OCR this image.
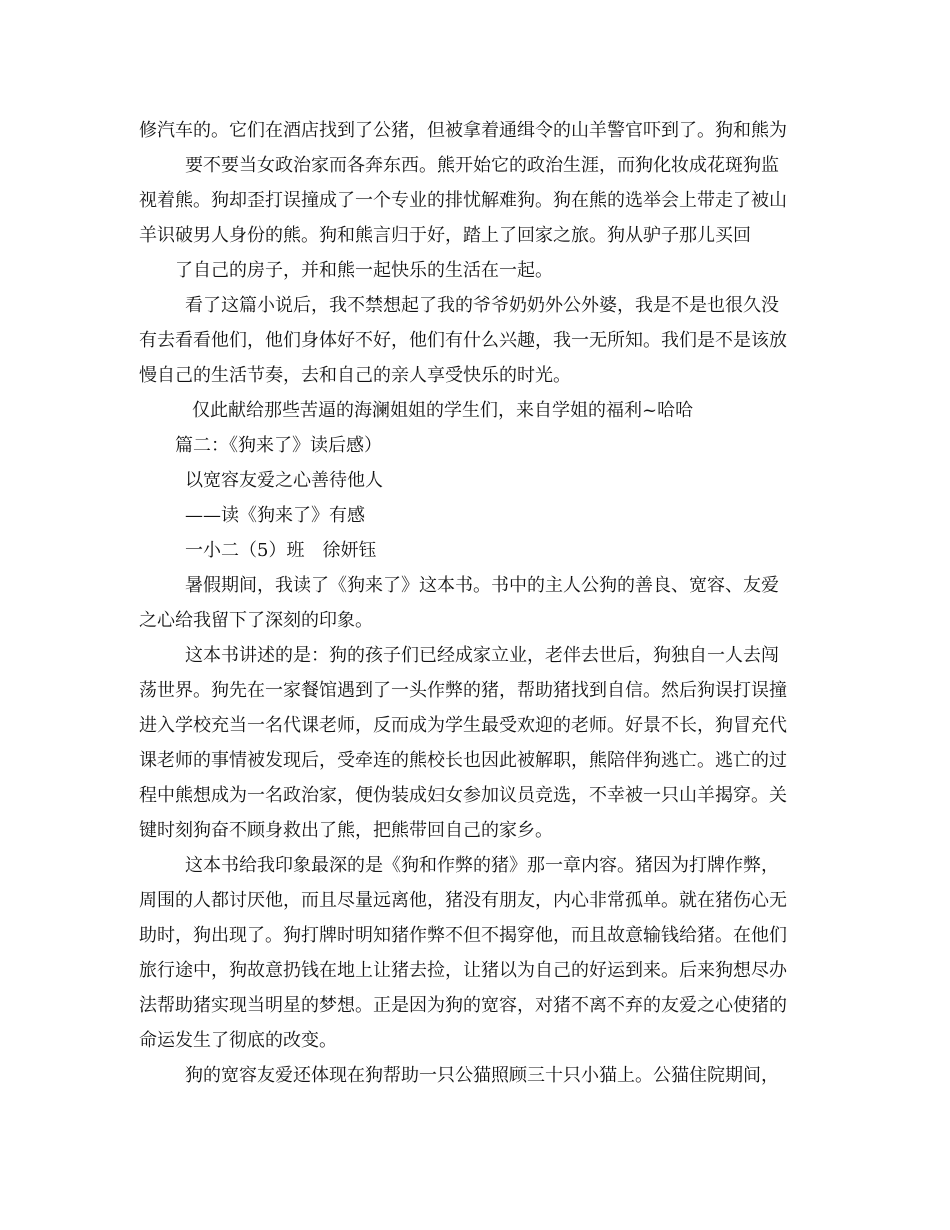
修汽车的。它们在酒店找到了公猪，但被拿着通缉令的山羊警官吓到了。狗和熊为
要不要当女政治家而各奔东西。熊开始它的政治生涯，而狗化妆成花斑狗监
视着熊。狗却歪打误撞成了一个专业的排忧解难狗。狗在熊的选举会上带走了被山
羊识破男人身份的熊。狗和熊言归于好，踏上了回家之旅。狗从驴子那儿买回
了自己的房子，并和熊一起快乐的生活在一起。
看了这篇小说后，我不禁想起了我的爷爷奶奶外公外婆，我是不是也很久没
有去看看他们，他们身体好不好，他们有什么兴趣，我一无所知。我们是不是该放
慢自己的生活节奏，去和自己的亲人享受快乐的时光。
仅此献给那些苦逼的海澜姐姐的学生们，来自学姐的福利~哈哈
篇二：《狗来了》读后感）
以宽容友爱之心善待他人
——读《狗来了》有感
一小二（5）班　徐妍钰
暑假期间，我读了《狗来了》这本书。书中的主人公狗的善良、宽容、友爱
之心给我留下了深刻的印象。
这本书讲述的是：狗的孩子们已经成家立业，老伴去世后，狗独自一人去闯
荡世界。狗先在一家餐馆遇到了一头作弊的猪，帮助猪找到自信。然后狗误打误撞
进入学校充当一名代课老师，反而成为学生最受欢迎的老师。好景不长，狗冒充代
课老师的事情被发现后，受牵连的熊校长也因此被解职，熊陪伴狗逃亡。逃亡的过
程中熊想成为一名政治家，便伪装成妇女参加议员竞选，不幸被一只山羊揭穿。关
键时刻狗奋不顾身救出了熊，把熊带回自己的家乡。
这本书给我印象最深的是《狗和作弊的猪》那一章内容。猪因为打牌作弊，
周围的人都讨厌他，而且尽量远离他，猪没有朋友，内心非常孤单。就在猪伤心无
助时，狗出现了。狗打牌时明知猪作弊不但不揭穿他，而且故意输钱给猪。在他们
旅行途中，狗故意扔钱在地上让猪去捡，让猪以为自己的好运到来。后来狗想尽办
法帮助猪实现当明星的梦想。正是因为狗的宽容，对猪不离不弃的友爱之心使猪的
命运发生了彻底的改变。
狗的宽容友爱还体现在狗帮助一只公猫照顾三十只小猫上。公猫住院期间，
